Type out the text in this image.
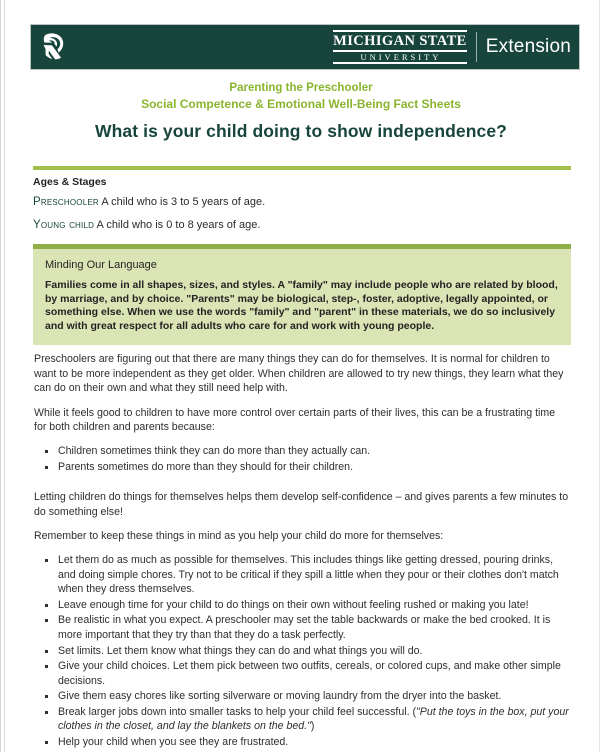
MICHIGAN STATE
UNIVERSITY	Extension
Parenting the Preschooler
Social Competence & Emotional Well-Being Fact Sheets
What is your child doing to show independence?
Ages & Stages
Preschooler A child who is 3 to 5 years of age.
Young child A child who is 0 to 8 years of age.
Minding Our Language
Families come in all shapes, sizes, and styles. A "family" may include people who are related by blood, by marriage, and by choice. "Parents" may be biological, step-, foster, adoptive, legally appointed, or something else. When we use the words "family" and "parent" in these materials, we do so inclusively and with great respect for all adults who care for and work with young people.

Preschoolers are figuring out that there are many things they can do for themselves. It is normal for children to want to be more independent as they get older. When children are allowed to try new things, they learn what they can do on their own and what they still need help with.

While it feels good to children to have more control over certain parts of their lives, this can be a frustrating time for both children and parents because:

Children sometimes think they can do more than they actually can.
Parents sometimes do more than they should for their children.

Letting children do things for themselves helps them develop self-confidence – and gives parents a few minutes to do something else!

Remember to keep these things in mind as you help your child do more for themselves:

Let them do as much as possible for themselves. This includes things like getting dressed, pouring drinks, and doing simple chores. Try not to be critical if they spill a little when they pour or their clothes don't match when they dress themselves.
Leave enough time for your child to do things on their own without feeling rushed or making you late!
Be realistic in what you expect. A preschooler may set the table backwards or make the bed crooked. It is more important that they try than that they do a task perfectly.
Set limits. Let them know what things they can do and what things you will do.
Give your child choices. Let them pick between two outfits, cereals, or colored cups, and make other simple decisions.
Give them easy chores like sorting silverware or moving laundry from the dryer into the basket.
Break larger jobs down into smaller tasks to help your child feel successful. ("Put the toys in the box, put your clothes in the closet, and lay the blankets on the bed.")
Help your child when you see they are frustrated.
